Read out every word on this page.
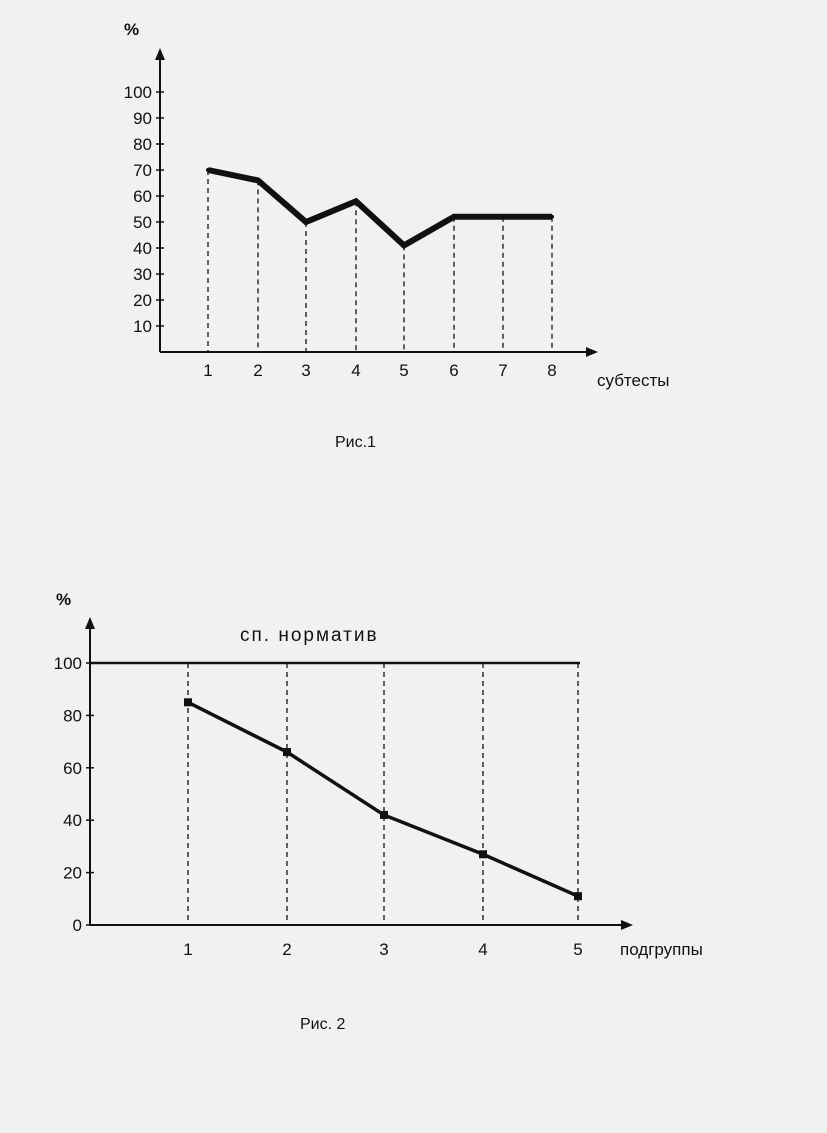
%
субтесты
10
20
30
40
50
60
70
80
90
100
1 2 3 4 5 6 7 8
Рис.1
сп. норматив
%
подгруппы
0
20
40
60
80
100
1	2	3	4	5
Рис. 2
